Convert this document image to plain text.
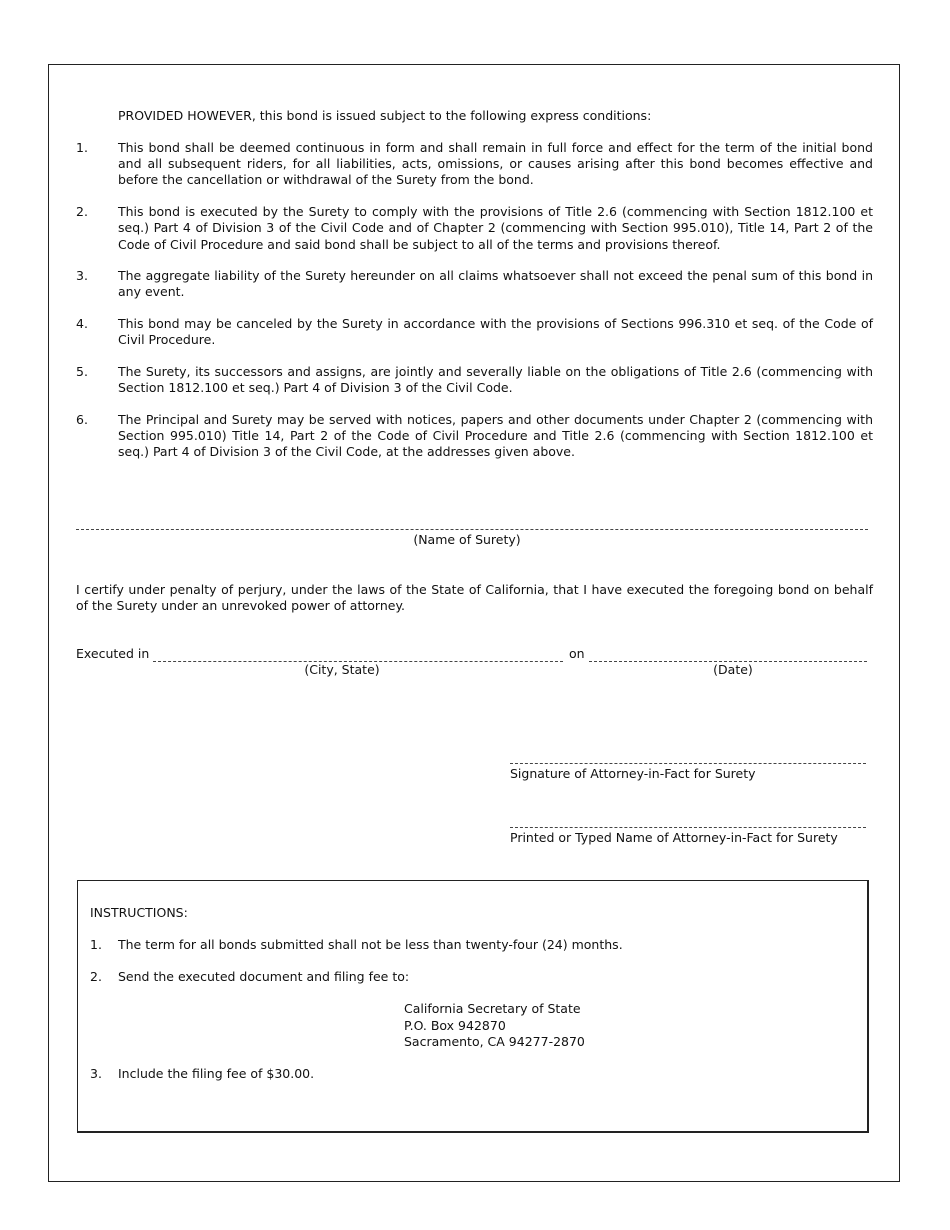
PROVIDED HOWEVER, this bond is issued subject to the following express conditions:
1. This bond shall be deemed continuous in form and shall remain in full force and effect for the term of the initial bond and all subsequent riders, for all liabilities, acts, omissions, or causes arising after this bond becomes effective and before the cancellation or withdrawal of the Surety from the bond.
2. This bond is executed by the Surety to comply with the provisions of Title 2.6 (commencing with Section 1812.100 et seq.) Part 4 of Division 3 of the Civil Code and of Chapter 2 (commencing with Section 995.010), Title 14, Part 2 of the Code of Civil Procedure and said bond shall be subject to all of the terms and provisions thereof.
3. The aggregate liability of the Surety hereunder on all claims whatsoever shall not exceed the penal sum of this bond in any event.
4. This bond may be canceled by the Surety in accordance with the provisions of Sections 996.310 et seq. of the Code of Civil Procedure.
5. The Surety, its successors and assigns, are jointly and severally liable on the obligations of Title 2.6 (commencing with Section 1812.100 et seq.) Part 4 of Division 3 of the Civil Code.
6. The Principal and Surety may be served with notices, papers and other documents under Chapter 2 (commencing with Section 995.010) Title 14, Part 2 of the Code of Civil Procedure and Title 2.6 (commencing with Section 1812.100 et seq.) Part 4 of Division 3 of the Civil Code, at the addresses given above.
(Name of Surety)
I certify under penalty of perjury, under the laws of the State of California, that I have executed the foregoing bond on behalf of the Surety under an unrevoked power of attorney.
Executed in	on
(City, State)	(Date)
Signature of Attorney-in-Fact for Surety
Printed or Typed Name of Attorney-in-Fact for Surety
INSTRUCTIONS:
1. The term for all bonds submitted shall not be less than twenty-four (24) months.
2. Send the executed document and filing fee to:
California Secretary of State
P.O. Box 942870
Sacramento, CA 94277-2870
3. Include the filing fee of $30.00.
